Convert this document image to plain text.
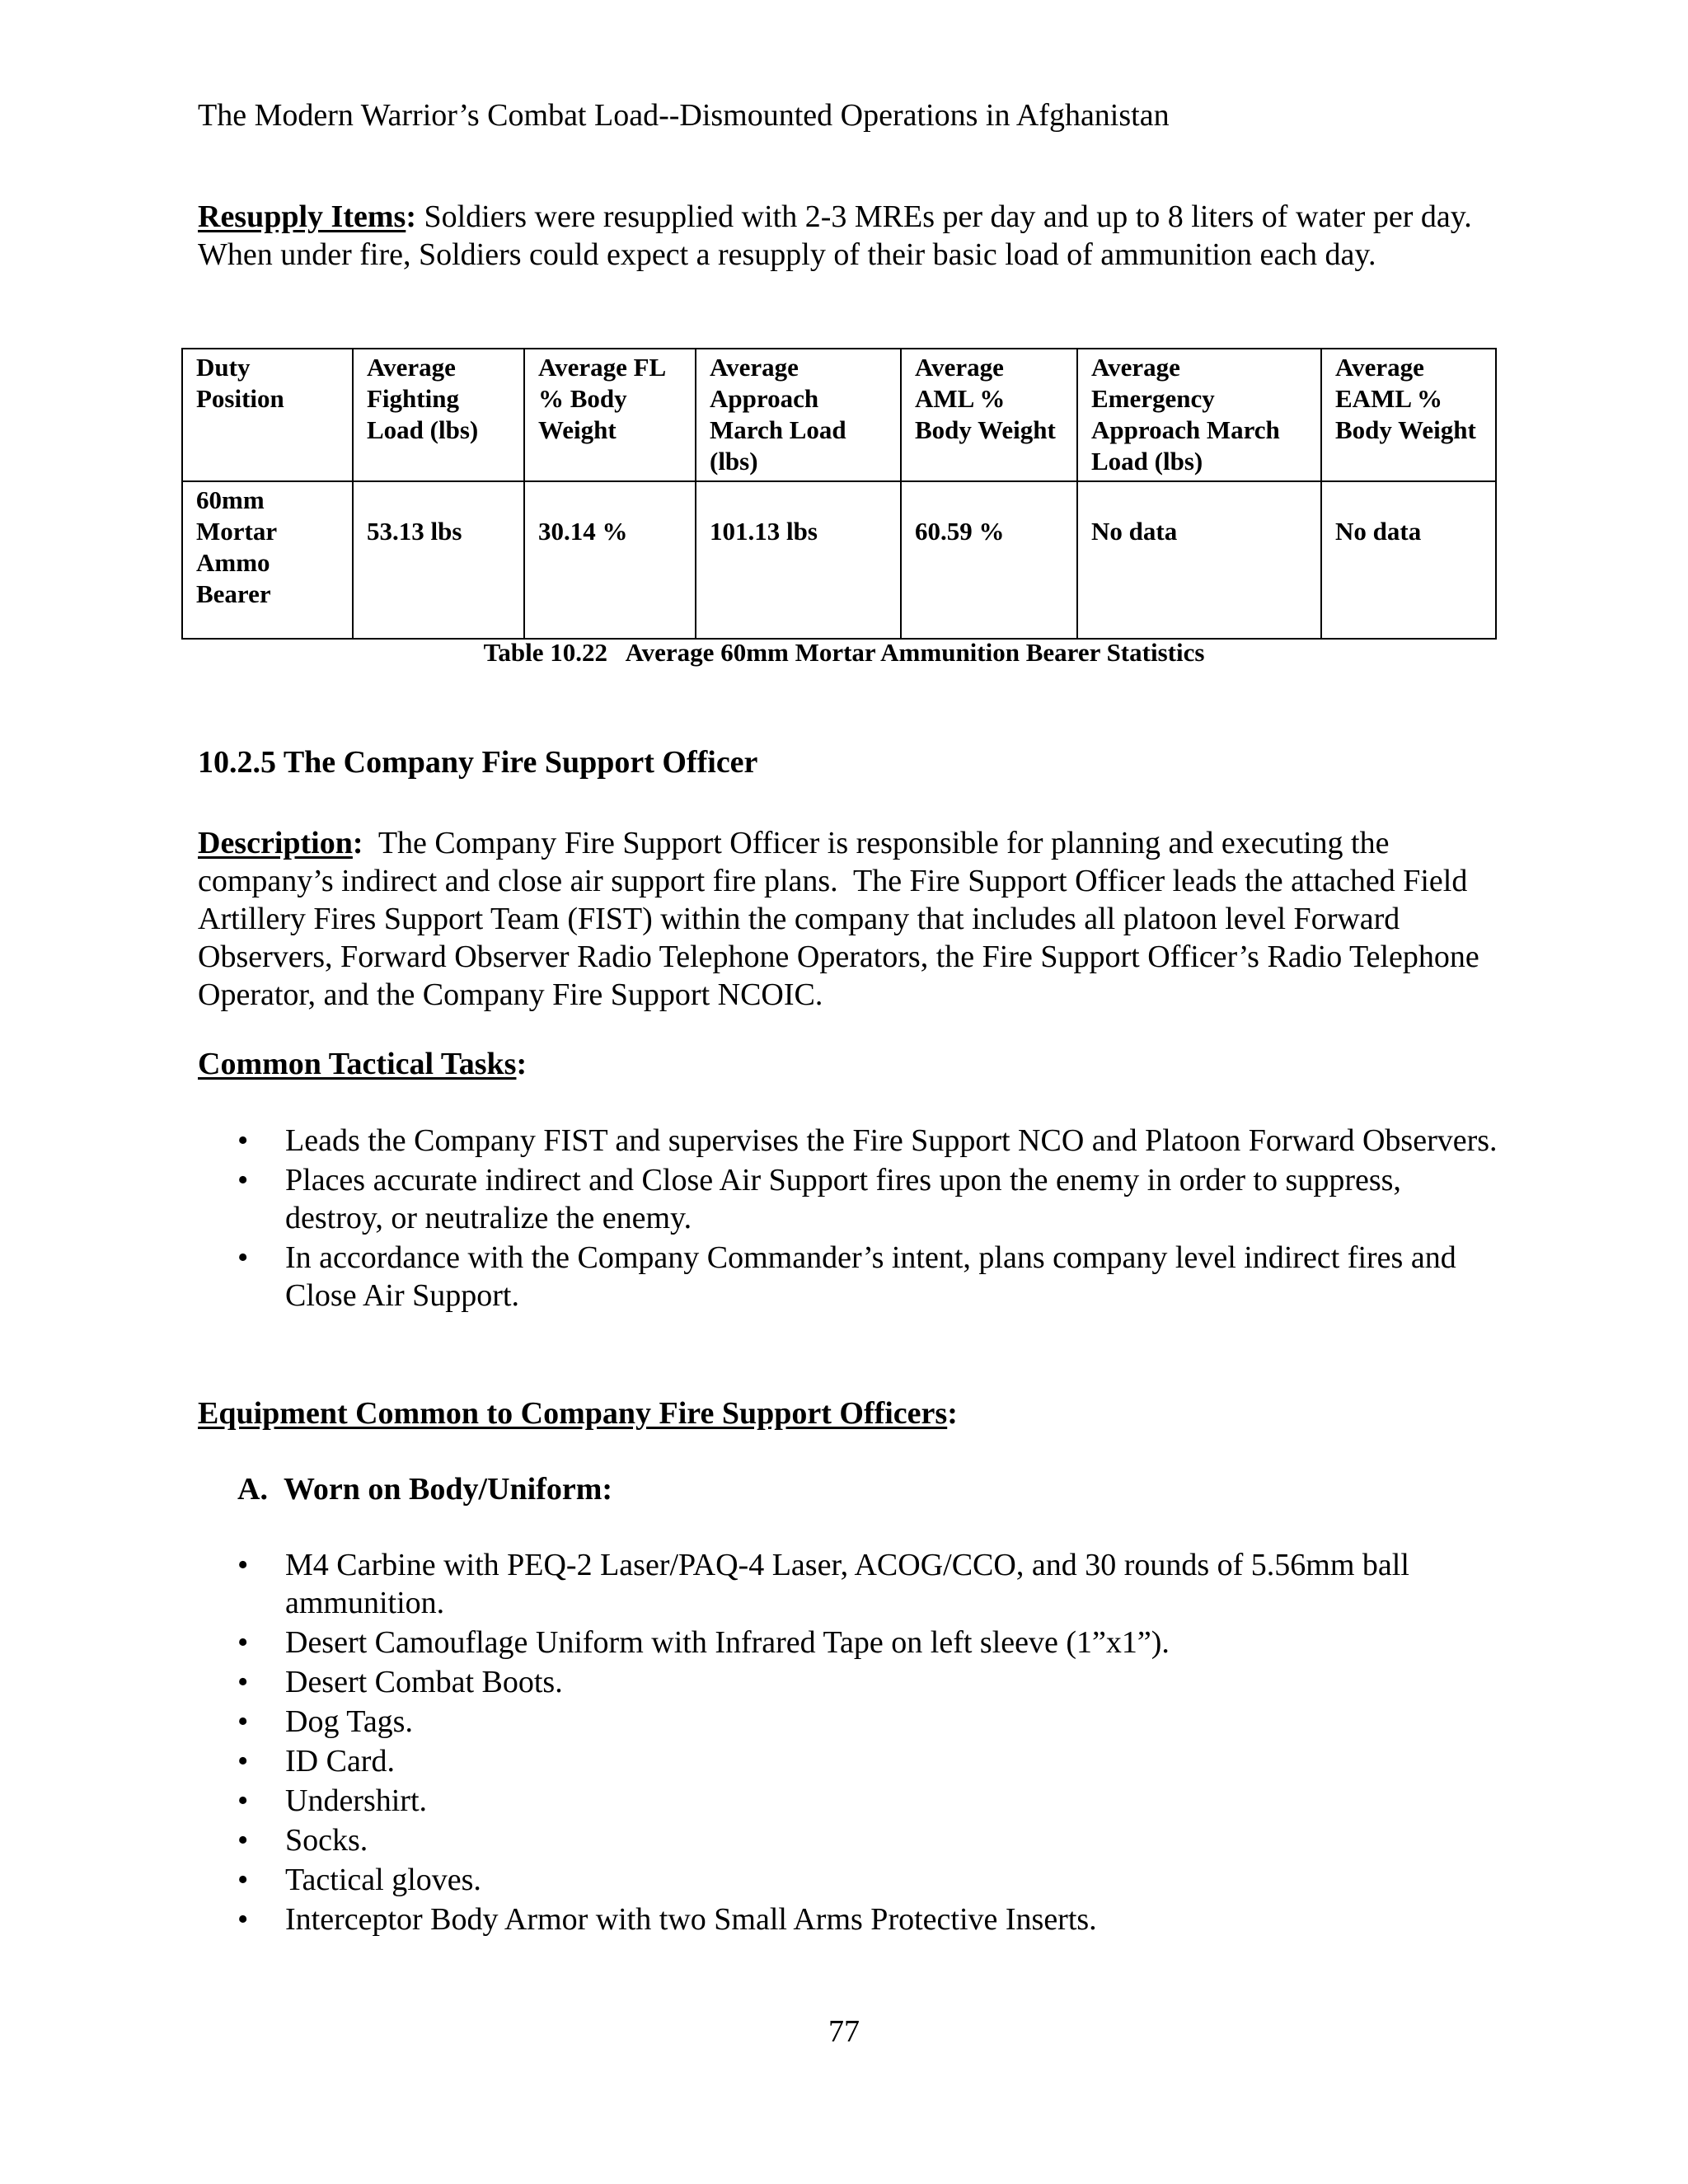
The Modern Warrior’s Combat Load--Dismounted Operations in Afghanistan

Resupply Items: Soldiers were resupplied with 2-3 MREs per day and up to 8 liters of water per day. When under fire, Soldiers could expect a resupply of their basic load of ammunition each day.

Duty Position	Average Fighting Load (lbs)	Average FL % Body Weight	Average Approach March Load (lbs)	Average AML % Body Weight	Average Emergency Approach March Load (lbs)	Average EAML % Body Weight
60mm Mortar Ammo Bearer	53.13 lbs	30.14 %	101.13 lbs	60.59 %	No data	No data
Table 10.22   Average 60mm Mortar Ammunition Bearer Statistics
10.2.5 The Company Fire Support Officer

Description:  The Company Fire Support Officer is responsible for planning and executing the company’s indirect and close air support fire plans.  The Fire Support Officer leads the attached Field Artillery Fires Support Team (FIST) within the company that includes all platoon level Forward Observers, Forward Observer Radio Telephone Operators, the Fire Support Officer’s Radio Telephone Operator, and the Company Fire Support NCOIC.

Common Tactical Tasks:
•	Leads the Company FIST and supervises the Fire Support NCO and Platoon Forward Observers.
•	Places accurate indirect and Close Air Support fires upon the enemy in order to suppress, destroy, or neutralize the enemy.
•	In accordance with the Company Commander’s intent, plans company level indirect fires and Close Air Support.
Equipment Common to Company Fire Support Officers:
A. Worn on Body/Uniform:
•	M4 Carbine with PEQ-2 Laser/PAQ-4 Laser, ACOG/CCO, and 30 rounds of 5.56mm ball ammunition.
•	Desert Camouflage Uniform with Infrared Tape on left sleeve (1”x1”).
•	Desert Combat Boots.
•	Dog Tags.
•	ID Card.
•	Undershirt.
•	Socks.
•	Tactical gloves.
•	Interceptor Body Armor with two Small Arms Protective Inserts.
77
